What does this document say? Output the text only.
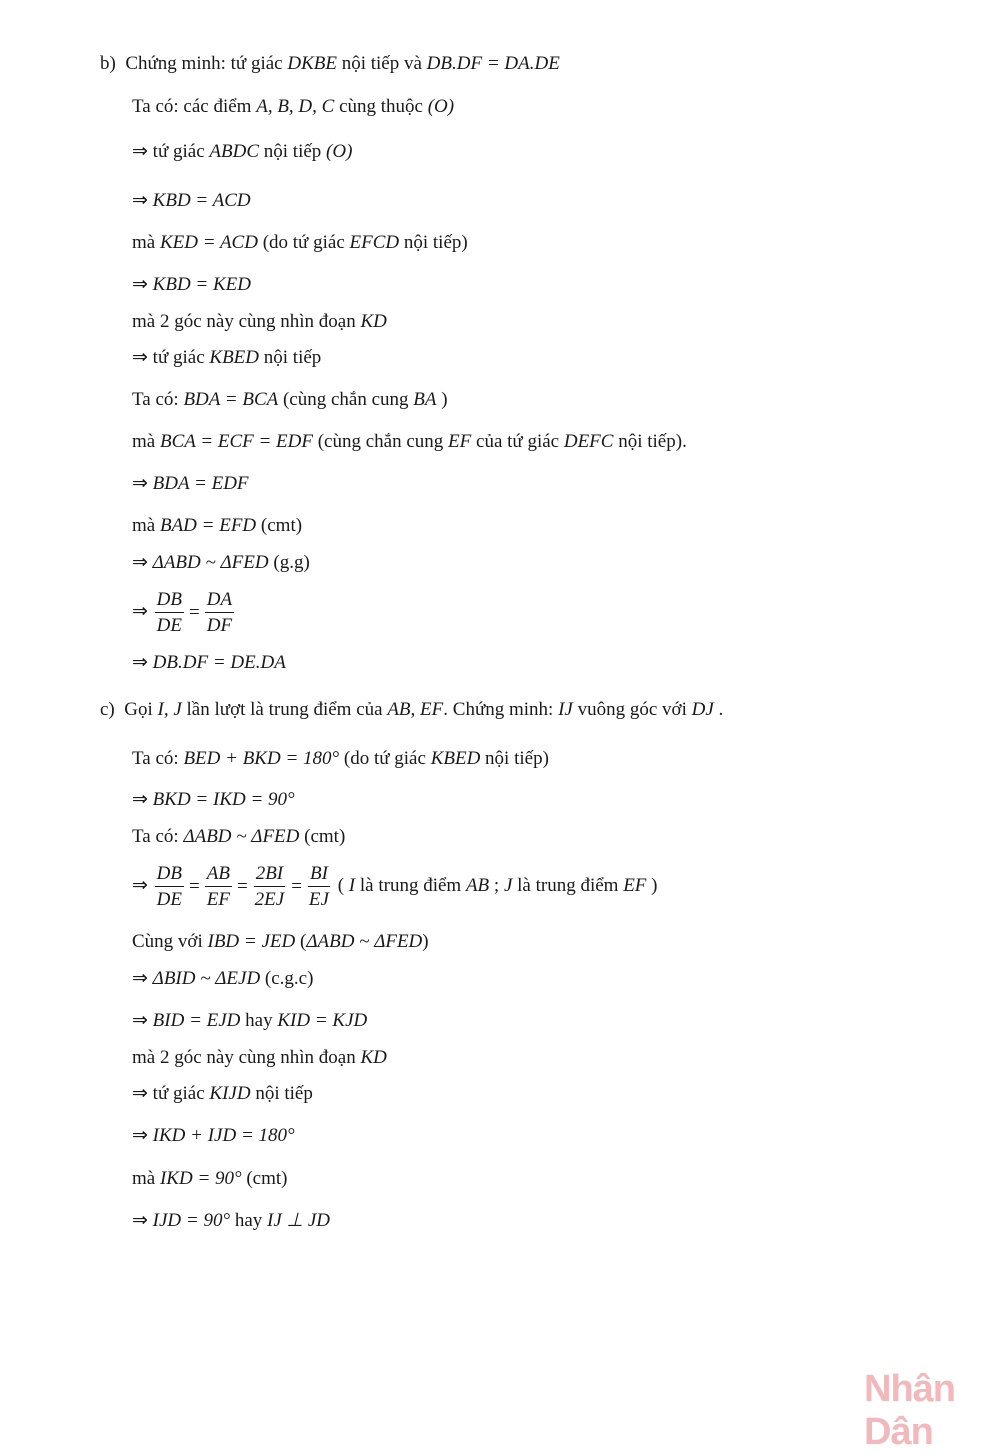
b) Chứng minh: tứ giác DKBE nội tiếp và DB.DF = DA.DE
Ta có: các điểm A, B, D, C cùng thuộc (O)
⇒ tứ giác ABDC nội tiếp (O)
⇒ KBD = ACD
mà KED = ACD (do tứ giác EFCD nội tiếp)
⇒ KBD = KED
mà 2 góc này cùng nhìn đoạn KD
⇒ tứ giác KBED nội tiếp
Ta có: BDA = BCA (cùng chắn cung BA )
mà BCA = ECF = EDF (cùng chắn cung EF của tứ giác DEFC nội tiếp).
⇒ BDA = EDF
mà BAD = EFD (cmt)
⇒ ΔABD ~ ΔFED (g.g)
⇒ $\frac{DB}{DE} = \frac{DA}{DF}$
⇒ DB.DF = DE.DA
c) Gọi I, J lần lượt là trung điểm của AB, EF. Chứng minh: IJ vuông góc với DJ .
Ta có: BED + BKD = 180° (do tứ giác KBED nội tiếp)
⇒ BKD = IKD = 90°
Ta có: ΔABD ~ ΔFED (cmt)
⇒ $\frac{DB}{DE} = \frac{AB}{EF} = \frac{2BI}{2EJ} = \frac{BI}{EJ}$ ( I là trung điểm AB ; J là trung điểm EF )
Cùng với IBD = JED (ΔABD ~ ΔFED)
⇒ ΔBID ~ ΔEJD (c.g.c)
⇒ BID = EJD hay KID = KJD
mà 2 góc này cùng nhìn đoạn KD
⇒ tứ giác KIJD nội tiếp
⇒ IKD + IJD = 180°
mà IKD = 90° (cmt)
⇒ IJD = 90° hay IJ ⊥ JD
Nhân Dân
